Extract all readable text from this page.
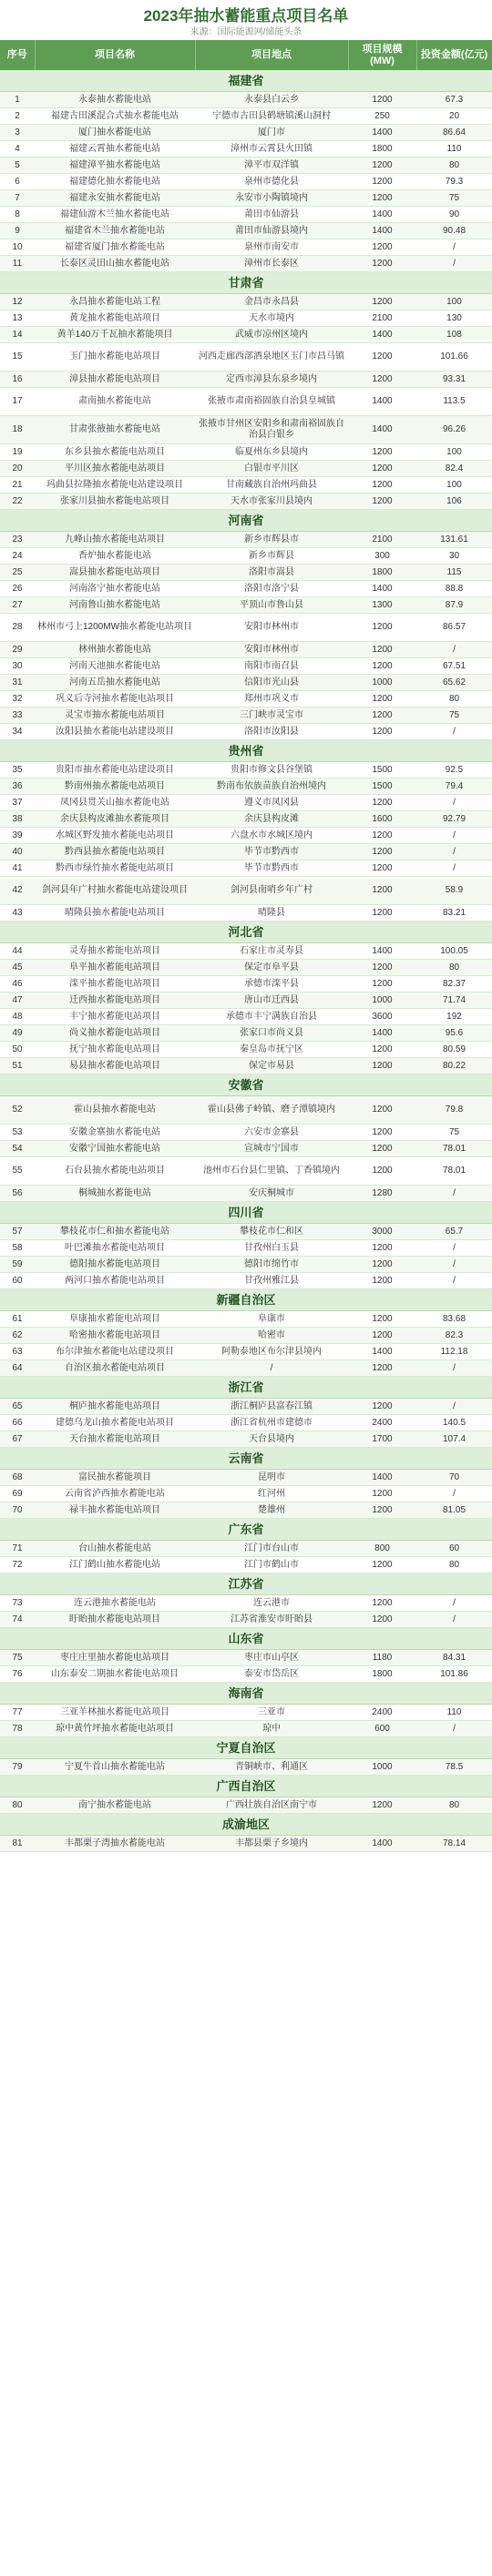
2023年抽水蓄能重点项目名单
来源：国际能源网/储能头条
序号	项目名称	项目地点	项目规模(MW)	投资金额(亿元)
福建省				
1	永泰抽水蓄能电站	永泰县白云乡	1200	67.3
2	福建古田溪混合式抽水蓄能电站	宁德市古田县鹤塘镇溪山洞村	250	20
3	厦门抽水蓄能电站	厦门市	1400	86.64
4	福建云霄抽水蓄能电站	漳州市云霄县火田镇	1800	110
5	福建漳平抽水蓄能电站	漳平市双洋镇	1200	80
6	福建德化抽水蓄能电站	泉州市德化县	1200	79.3
7	福建永安抽水蓄能电站	永安市小陶镇境内	1200	75
8	福建仙游木兰抽水蓄能电站	莆田市仙游县	1400	90
9	福建省木兰抽水蓄能电站	莆田市仙游县境内	1400	90.48
10	福建省厦门抽水蓄能电站	泉州市南安市	1200	/
11	长泰区灵田山抽水蓄能电站	漳州市长泰区	1200	/
甘肃省				
12	永昌抽水蓄能电站工程	金昌市永昌县	1200	100
13	黄龙抽水蓄能电站项目	天水市境内	2100	130
14	黄羊140万千瓦抽水蓄能项目	武威市凉州区境内	1400	108
15	玉门抽水蓄能电站项目	河西走廊西部酒泉地区玉门市昌马镇	1200	101.66
16	漳县抽水蓄能电站项目	定西市漳县东泉乡境内	1200	93.31
17	肃南抽水蓄能电站	张掖市肃南裕固族自治县皇城镇	1400	113.5
18	甘肃张掖抽水蓄能电站	张掖市甘州区安阳乡和肃南裕固族自治县白银乡	1400	96.26
19	东乡县抽水蓄能电站项目	临夏州东乡县境内	1200	100
20	平川区抽水蓄能电站项目	白银市平川区	1200	82.4
21	玛曲县拉隆抽水蓄能电站建设项目	甘南藏族自治州玛曲县	1200	100
22	张家川县抽水蓄能电站项目	天水市张家川县境内	1200	106
河南省				
23	九峰山抽水蓄能电站项目	新乡市辉县市	2100	131.61
24	香炉抽水蓄能电站	新乡市辉县	300	30
25	嵩县抽水蓄能电站项目	洛阳市嵩县	1800	115
26	河南洛宁抽水蓄能电站	洛阳市洛宁县	1400	88.8
27	河南鲁山抽水蓄能电站	平顶山市鲁山县	1300	87.9
28	林州市弓上1200MW抽水蓄能电站项目	安阳市林州市	1200	86.57
29	林州抽水蓄能电站	安阳市林州市	1200	/
30	河南天池抽水蓄能电站	南阳市南召县	1200	67.51
31	河南五岳抽水蓄能电站	信阳市光山县	1000	65.62
32	巩义后寺河抽水蓄能电站项目	郑州市巩义市	1200	80
33	灵宝市抽水蓄能电站项目	三门峡市灵宝市	1200	75
34	汝阳县抽水蓄能电站建设项目	洛阳市汝阳县	1200	/
贵州省				
35	贵阳市抽水蓄能电站建设项目	贵阳市修文县谷堡镇	1500	92.5
36	黔南州抽水蓄能电站项目	黔南布依族苗族自治州境内	1500	79.4
37	凤冈县贯关山抽水蓄能电站	遵义市凤冈县	1200	/
38	余庆县构皮滩抽水蓄能项目	余庆县构皮滩	1600	92.79
39	水城区野发抽水蓄能电站项目	六盘水市水城区境内	1200	/
40	黔西县抽水蓄能电站项目	毕节市黔西市	1200	/
41	黔西市绿竹抽水蓄能电站项目	毕节市黔西市	1200	/
42	剑河县年广村抽水蓄能电站建设项目	剑河县南哨乡年广村	1200	58.9
43	晴隆县抽水蓄能电站项目	晴隆县	1200	83.21
河北省				
44	灵寿抽水蓄能电站项目	石家庄市灵寿县	1400	100.05
45	阜平抽水蓄能电站项目	保定市阜平县	1200	80
46	滦平抽水蓄能电站项目	承德市滦平县	1200	82.37
47	迁西抽水蓄能电站项目	唐山市迁西县	1000	71.74
48	丰宁抽水蓄能电站项目	承德市丰宁满族自治县	3600	192
49	尚义抽水蓄能电站项目	张家口市尚义县	1400	95.6
50	抚宁抽水蓄能电站项目	秦皇岛市抚宁区	1200	80.59
51	易县抽水蓄能电站项目	保定市易县	1200	80.22
安徽省				
52	霍山县抽水蓄能电站	霍山县佛子岭镇、磨子潭镇境内	1200	79.8
53	安徽金寨抽水蓄能电站	六安市金寨县	1200	75
54	安徽宁国抽水蓄能电站	宣城市宁国市	1200	78.01
55	石台县抽水蓄能电站项目	池州市石台县仁里镇、丁香镇境内	1200	78.01
56	桐城抽水蓄能电站	安庆桐城市	1280	/
四川省				
57	攀枝花市仁和抽水蓄能电站	攀枝花市仁和区	3000	65.7
58	叶巴滩抽水蓄能电站项目	甘孜州白玉县	1200	/
59	德阳抽水蓄能电站项目	德阳市绵竹市	1200	/
60	两河口抽水蓄能电站项目	甘孜州雅江县	1200	/
新疆自治区				
61	阜康抽水蓄能电站项目	阜康市	1200	83.68
62	哈密抽水蓄能电站项目	哈密市	1200	82.3
63	布尔津抽水蓄能电站建设项目	阿勒泰地区布尔津县境内	1400	112.18
64	自治区抽水蓄能电站项目	/	1200	/
浙江省				
65	桐庐抽水蓄能电站项目	浙江桐庐县富春江镇	1200	/
66	建德乌龙山抽水蓄能电站项目	浙江省杭州市建德市	2400	140.5
67	天台抽水蓄能电站项目	天台县境内	1700	107.4
云南省				
68	富民抽水蓄能项目	昆明市	1400	70
69	云南省泸西抽水蓄能电站	红河州	1200	/
70	禄丰抽水蓄能电站项目	楚雄州	1200	81.05
广东省				
71	台山抽水蓄能电站	江门市台山市	800	60
72	江门鹤山抽水蓄能电站	江门市鹤山市	1200	80
江苏省				
73	连云港抽水蓄能电站	连云港市	1200	/
74	盱眙抽水蓄能电站项目	江苏省淮安市盱眙县	1200	/
山东省				
75	枣庄庄里抽水蓄能电站项目	枣庄市山亭区	1180	84.31
76	山东泰安二期抽水蓄能电站项目	泰安市岱岳区	1800	101.86
海南省				
77	三亚羊林抽水蓄能电站项目	三亚市	2400	110
78	琼中黄竹坪抽水蓄能电站项目	琼中	600	/
宁夏自治区				
79	宁夏牛首山抽水蓄能电站	青铜峡市、利通区	1000	78.5
广西自治区				
80	南宁抽水蓄能电站	广西壮族自治区南宁市	1200	80
成渝地区				
81	丰都栗子湾抽水蓄能电站	丰都县栗子乡境内	1400	78.14
